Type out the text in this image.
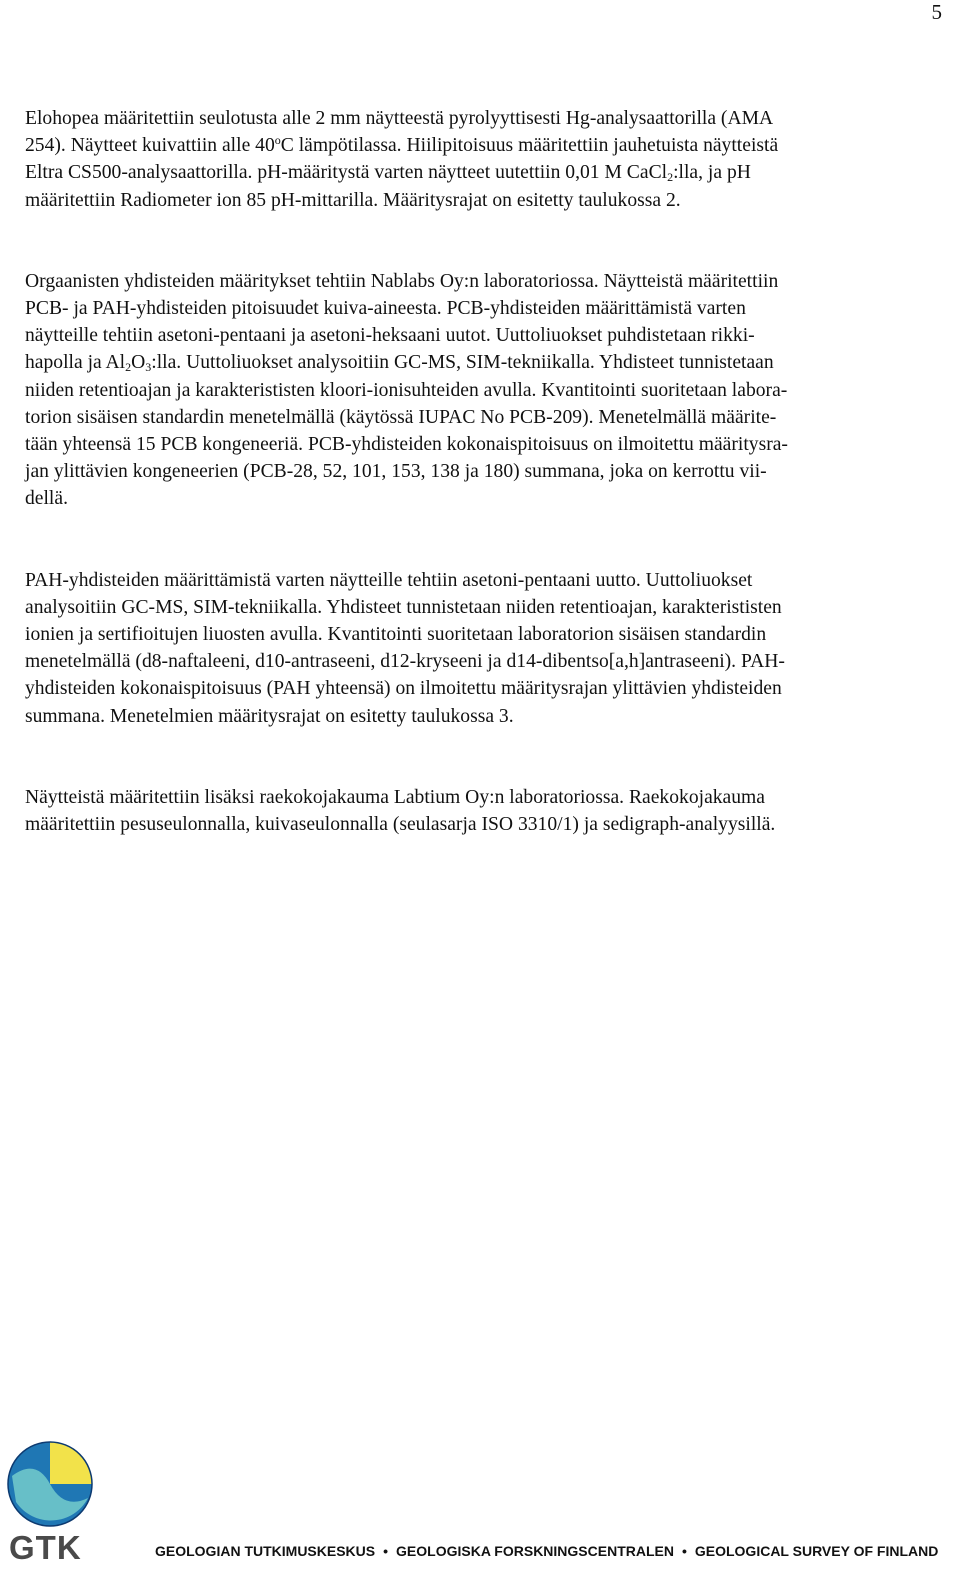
5

Elohopea määritettiin seulotusta alle 2 mm näytteestä pyrolyyttisesti Hg-analysaattorilla (AMA
254). Näytteet kuivattiin alle 40$^o$C lämpötilassa. Hiilipitoisuus määritettiin jauhetuista näytteistä
Eltra CS500-analysaattorilla. pH-määritystä varten näytteet uutettiin 0,01 M CaCl$_2$:lla, ja pH
määritettiin Radiometer ion 85 pH-mittarilla. Määritysrajat on esitetty taulukossa 2.

Orgaanisten yhdisteiden määritykset tehtiin Nablabs Oy:n laboratoriossa. Näytteistä määritettiin
PCB- ja PAH-yhdisteiden pitoisuudet kuiva-aineesta. PCB-yhdisteiden määrittämistä varten
näytteille tehtiin asetoni-pentaani ja asetoni-heksaani uutot. Uuttoliuokset puhdistetaan rikki-
hapolla ja $Al_2O_3:lla$. Uuttoliuokset analysoitiin GC-MS, SIM-tekniikalla. Yhdisteet tunnistetaan
niiden retentioajan ja karakterististen kloori-ionisuhteiden avulla. Kvantitointi suoritetaan labora-
torion sisäisen standardin menetelmällä (käytössä IUPAC No PCB-209). Menetelmällä määrite-
tään yhteensä 15 PCB kongeneeriä. PCB-yhdisteiden kokonaispitoisuus on ilmoitettu määritysra-
jan ylittävien kongeneerien (PCB-28, 52, 101, 153, 138 ja 180) summana, joka on kerrottu vii-
dellä.

PAH-yhdisteiden määrittämistä varten näytteille tehtiin asetoni-pentaani uutto. Uuttoliuokset
analysoitiin GC-MS, SIM-tekniikalla. Yhdisteet tunnistetaan niiden retentioajan, karakterististen
ionien ja sertifioitujen liuosten avulla. Kvantitointi suoritetaan laboratorion sisäisen standardin
menetelmällä (d8-naftaleeni, d10-antraseeni, d12-kryseeni ja d14-dibentso[a,h]antraseeni). PAH-
yhdisteiden kokonaispitoisuus (PAH yhteensä) on ilmoitettu määritysrajan ylittävien yhdisteiden
summana. Menetelmien määritysrajat on esitetty taulukossa 3.

Näytteistä määritettiin lisäksi raekokojakauma Labtium Oy:n laboratoriossa. Raekokojakauma
määritettiin pesuseulonnalla, kuivaseulonnalla (seulasarja ISO 3310/1) ja sedigraph-analyysillä.

GTK	GEOLOGIAN TUTKIMUSKESKUS • GEOLOGISKA FORSKNINGSCENTRALEN • GEOLOGICAL SURVEY OF FINLAND
